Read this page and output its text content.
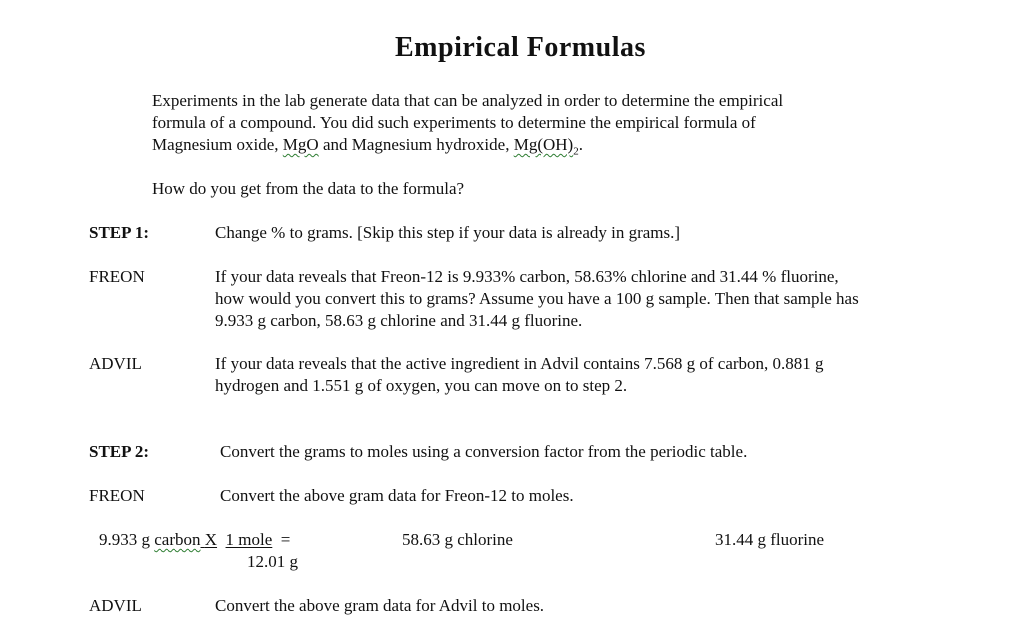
Empirical Formulas
Experiments in the lab generate data that can be analyzed in order to determine the empirical
formula of a compound. You did such experiments to determine the empirical formula of
Magnesium oxide, MgO and Magnesium hydroxide, $Mg(OH)_2$.
How do you get from the data to the formula?
STEP 1:	Change % to grams. [Skip this step if your data is already in grams.]
FREON	If your data reveals that Freon-12 is 9.933% carbon, 58.63% chlorine and 31.44 % fluorine,
how would you convert this to grams? Assume you have a 100 g sample. Then that sample has
9.933 g carbon, 58.63 g chlorine and 31.44 g fluorine.
ADVIL	If your data reveals that the active ingredient in Advil contains 7.568 g of carbon, 0.881 g
hydrogen and 1.551 g of oxygen, you can move on to step 2.
STEP 2:	Convert the grams to moles using a conversion factor from the periodic table.
FREON	Convert the above gram data for Freon-12 to moles.
9.933 g carbon X 1 mole =
12.01 g
58.63 g chlorine	31.44 g fluorine
ADVIL	Convert the above gram data for Advil to moles.
